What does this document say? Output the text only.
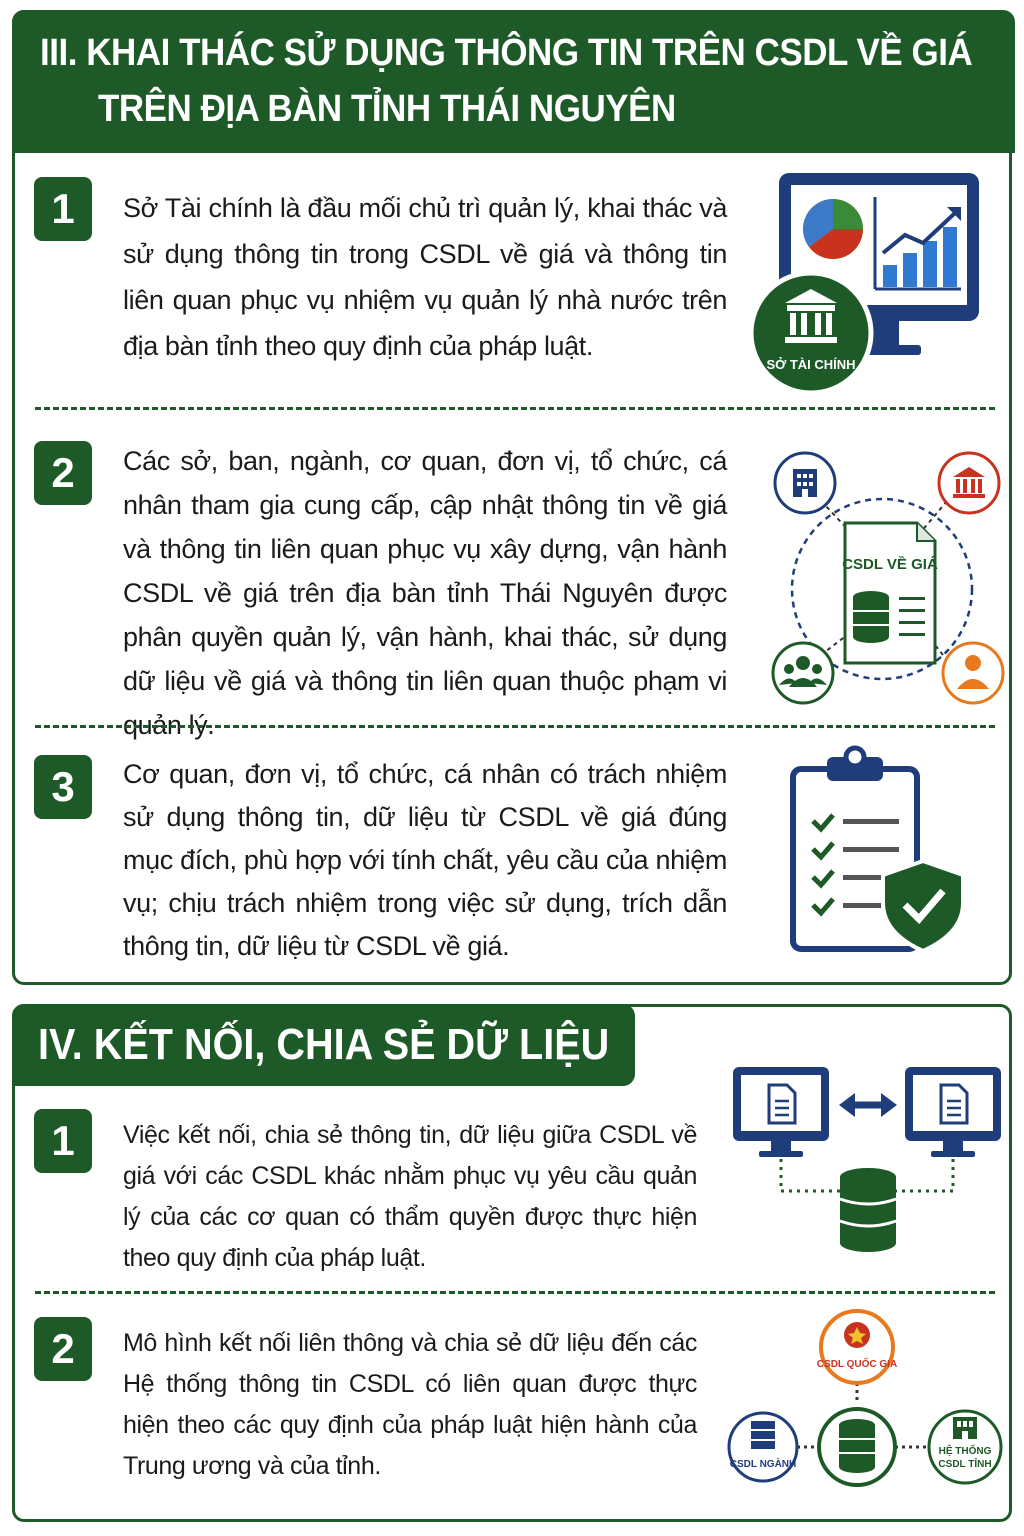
III. KHAI THÁC SỬ DỤNG THÔNG TIN TRÊN CSDL VỀ GIÁ
TRÊN ĐỊA BÀN TỈNH THÁI NGUYÊN
1	Sở Tài chính là đầu mối chủ trì quản lý, khai thác và sử dụng thông tin trong CSDL về giá và thông tin liên quan phục vụ nhiệm vụ quản lý nhà nước trên địa bàn tỉnh theo quy định của pháp luật.
SỞ TÀI CHÍNH
2	Các sở, ban, ngành, cơ quan, đơn vị, tổ chức, cá nhân tham gia cung cấp, cập nhật thông tin về giá và thông tin liên quan phục vụ xây dựng, vận hành CSDL về giá trên địa bàn tỉnh Thái Nguyên được phân quyền quản lý, vận hành, khai thác, sử dụng dữ liệu về giá và thông tin liên quan thuộc phạm vi quản lý.
CSDL VỀ GIÁ
3	Cơ quan, đơn vị, tổ chức, cá nhân có trách nhiệm sử dụng thông tin, dữ liệu từ CSDL về giá đúng mục đích, phù hợp với tính chất, yêu cầu của nhiệm vụ; chịu trách nhiệm trong việc sử dụng, trích dẫn thông tin, dữ liệu từ CSDL về giá.
IV. KẾT NỐI, CHIA SẺ DỮ LIỆU
1	Việc kết nối, chia sẻ thông tin, dữ liệu giữa CSDL về giá với các CSDL khác nhằm phục vụ yêu cầu quản lý của các cơ quan có thẩm quyền được thực hiện theo quy định của pháp luật.
2	Mô hình kết nối liên thông và chia sẻ dữ liệu đến các Hệ thống thông tin CSDL có liên quan được thực hiện theo các quy định của pháp luật hiện hành của Trung ương và của tỉnh.
CSDL QUỐC GIA
CSDL NGÀNH
HỆ THỐNG
CSDL TỈNH
